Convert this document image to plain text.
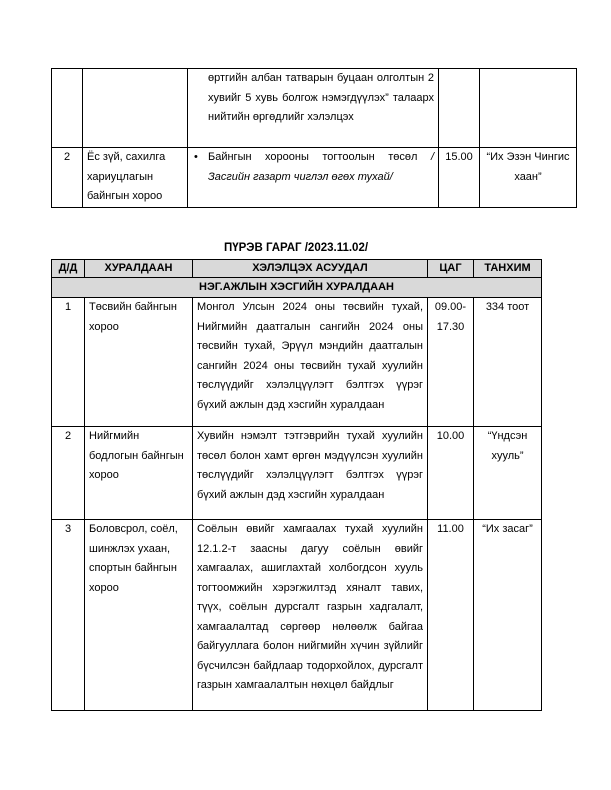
		өртгийн албан татварын буцаан олголтын 2 хувийг 5 хувь болгож нэмэгдүүлэх” талаарх нийтийн өргөдлийг хэлэлцэх		
2	Ёс зүй, сахилга хариуцлагын байнгын хороо	• Байнгын хорооны тогтоолын төсөл /Засгийн газарт чиглэл өгөх тухай/	15.00	“Их Эзэн Чингис хаан”
ПҮРЭВ ГАРАГ /2023.11.02/
Д/Д	ХУРАЛДААН	ХЭЛЭЛЦЭХ АСУУДАЛ	ЦАГ	ТАНХИМ
НЭГ.АЖЛЫН ХЭСГИЙН ХУРАЛДААН				
1	Төсвийн байнгын хороо	Монгол Улсын 2024 оны төсвийн тухай, Нийгмийн даатгалын сангийн 2024 оны төсвийн тухай, Эрүүл мэндийн даатгалын сангийн 2024 оны төсвийн тухай хуулийн төслүүдийг хэлэлцүүлэгт бэлтгэх үүрэг бүхий ажлын дэд хэсгийн хуралдаан	09.00-17.30	334 тоот
2	Нийгмийн бодлогын байнгын хороо	Хувийн нэмэлт тэтгэврийн тухай хуулийн төсөл болон хамт өргөн мэдүүлсэн хуулийн төслүүдийг хэлэлцүүлэгт бэлтгэх үүрэг бүхий ажлын дэд хэсгийн хуралдаан	10.00	“Үндсэн хууль”
3	Боловсрол, соёл, шинжлэх ухаан, спортын байнгын хороо	Соёлын өвийг хамгаалах тухай хуулийн 12.1.2-т заасны дагуу соёлын өвийг хамгаалах, ашиглахтай холбогдсон хууль тогтоомжийн хэрэгжилтэд хяналт тавих, түүх, соёлын дурсгалт газрын хадгалалт, хамгаалалтад сөргөөр нөлөөлж байгаа байгууллага болон нийгмийн хүчин зүйлийг бүсчилсэн байдлаар тодорхойлох, дурсгалт газрын хамгаалалтын нөхцөл байдлыг	11.00	“Их засаг”
